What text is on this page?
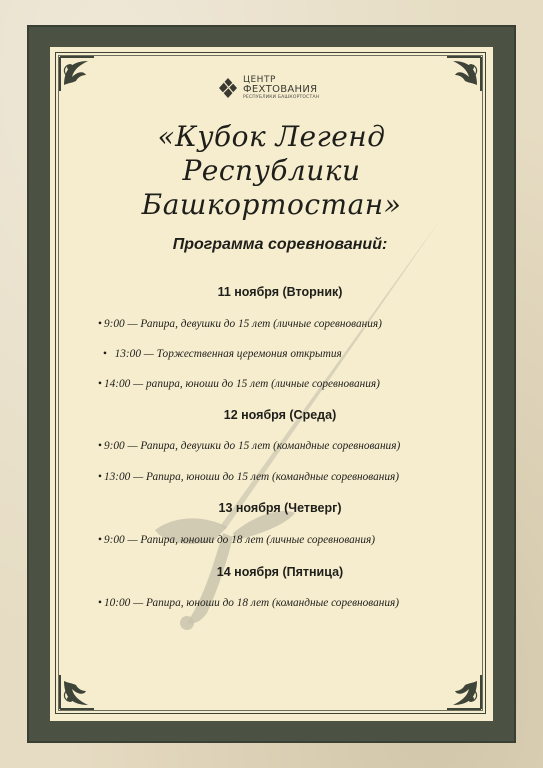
ЦЕНТР
ФЕХТОВАНИЯ
РЕСПУБЛИКИ БАШКОРТОСТАН
«Кубок Легенд
Республики
Башкортостан»
Программа соревнований:
11 ноября (Вторник)
• 9:00 — Рапира, девушки до 15 лет (личные соревнования)
• 13:00 — Торжественная церемония открытия
• 14:00 — рапира, юноши до 15 лет (личные соревнования)
12 ноября (Среда)
• 9:00 — Рапира, девушки до 15 лет (командные соревнования)
• 13:00 — Рапира, юноши до 15 лет (командные соревнования)
13 ноября (Четверг)
• 9:00 — Рапира, юноши до 18 лет (личные соревнования)
14 ноября (Пятница)
• 10:00 — Рапира, юноши до 18 лет (командные соревнования)
